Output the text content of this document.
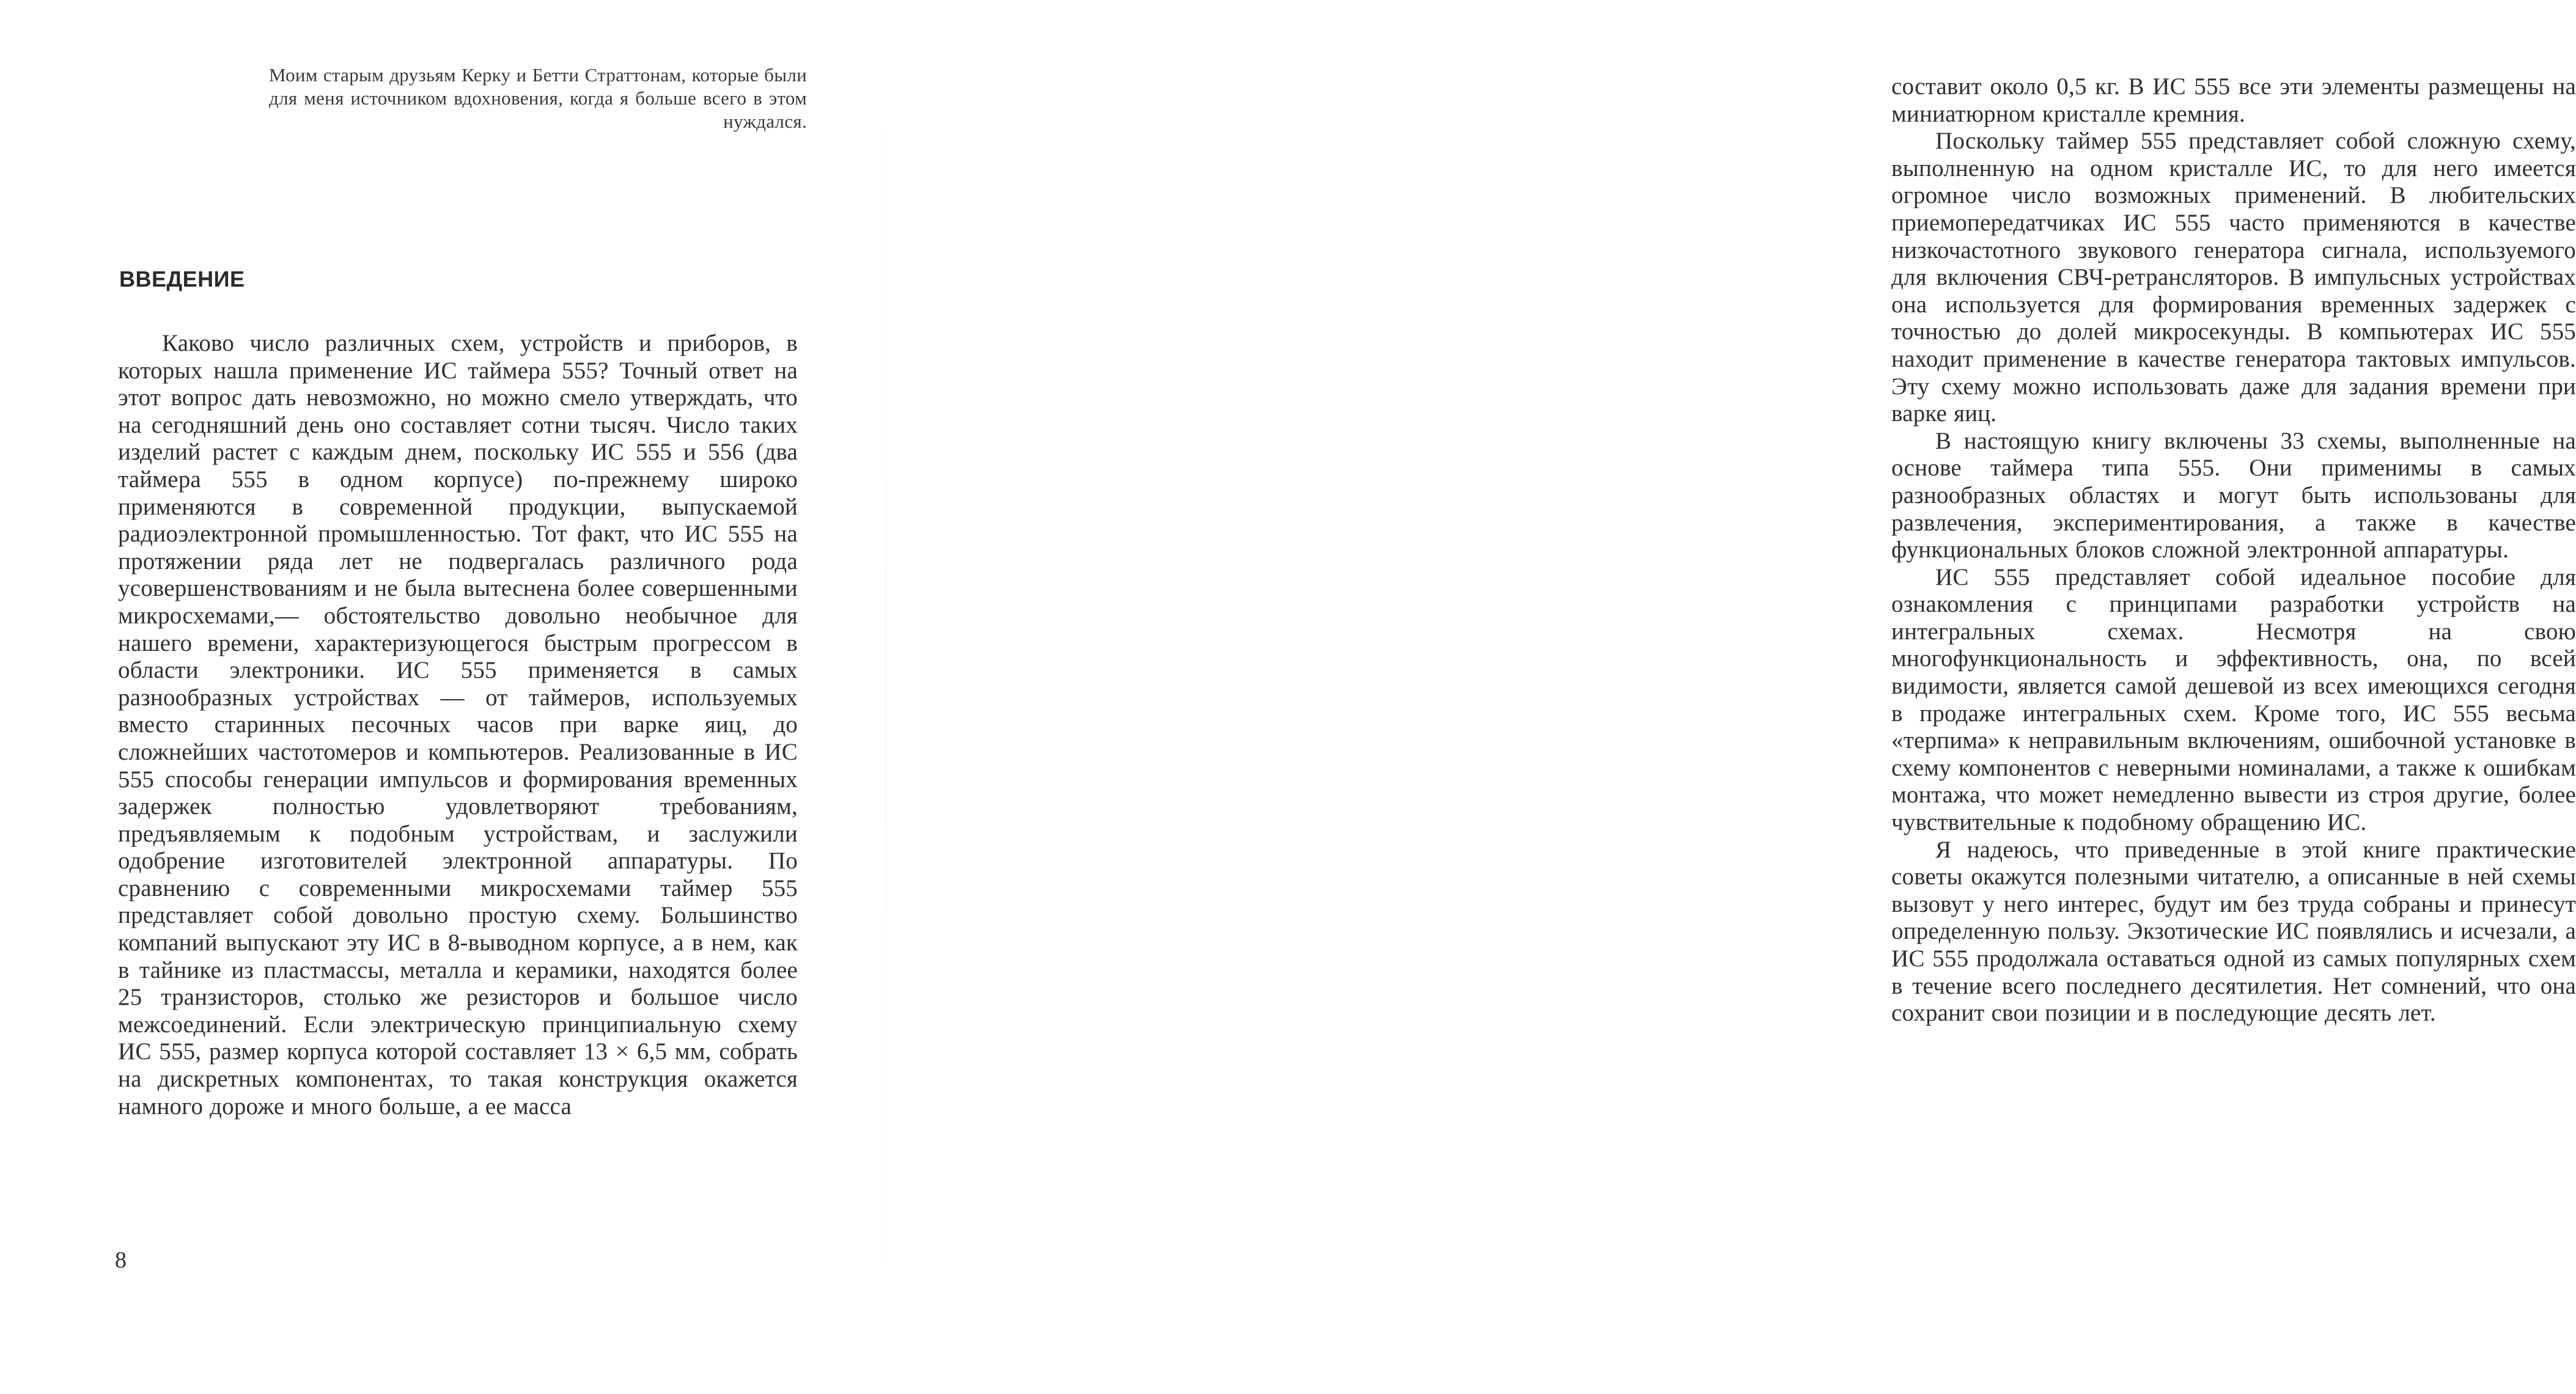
Моим старым друзьям Керку и Бетти Страттонам, которые были для меня источником вдохновения, когда я больше всего в этом нуждался.
ВВЕДЕНИЕ

Каково число различных схем, устройств и приборов, в которых нашла применение ИС таймера 555? Точный ответ на этот вопрос дать невозможно, но можно смело утверждать, что на сегодняшний день оно составляет сотни тысяч. Число таких изделий растет с каждым днем, поскольку ИС 555 и 556 (два таймера 555 в одном корпусе) по-прежнему широко применяются в современной продукции, выпускаемой радиоэлектронной промышленностью. Тот факт, что ИС 555 на протяжении ряда лет не подвергалась различного рода усовершенствованиям и не была вытеснена более совершенными микросхемами,— обстоятельство довольно необычное для нашего времени, характеризующегося быстрым прогрессом в области электроники. ИС 555 применяется в самых разнообразных устройствах — от таймеров, используемых вместо старинных песочных часов при варке яиц, до сложнейших частотомеров и компьютеров. Реализованные в ИС 555 способы генерации импульсов и формирования временных задержек полностью удовлетворяют требованиям, предъявляемым к подобным устройствам, и заслужили одобрение изготовителей электронной аппаратуры. По сравнению с современными микросхемами таймер 555 представляет собой довольно простую схему. Большинство компаний выпускают эту ИС в 8-выводном корпусе, а в нем, как в тайнике из пластмассы, металла и керамики, находятся более 25 транзисторов, столько же резисторов и большое число межсоединений. Если электрическую принципиальную схему ИС 555, размер корпуса которой составляет 13 × 6,5 мм, собрать на дискретных компонентах, то такая конструкция окажется намного дороже и много больше, а ее масса

8

составит около 0,5 кг. В ИС 555 все эти элементы размещены на миниатюрном кристалле кремния.

Поскольку таймер 555 представляет собой сложную схему, выполненную на одном кристалле ИС, то для него имеется огромное число возможных применений. В любительских приемопередатчиках ИС 555 часто применяются в качестве низкочастотного звукового генератора сигнала, используемого для включения СВЧ-ретрансляторов. В импульсных устройствах она используется для формирования временных задержек с точностью до долей микросекунды. В компьютерах ИС 555 находит применение в качестве генератора тактовых импульсов. Эту схему можно использовать даже для задания времени при варке яиц.

В настоящую книгу включены 33 схемы, выполненные на основе таймера типа 555. Они применимы в самых разнообразных областях и могут быть использованы для развлечения, экспериментирования, а также в качестве функциональных блоков сложной электронной аппаратуры.

ИС 555 представляет собой идеальное пособие для ознакомления с принципами разработки устройств на интегральных схемах. Несмотря на свою многофункциональность и эффективность, она, по всей видимости, является самой дешевой из всех имеющихся сегодня в продаже интегральных схем. Кроме того, ИС 555 весьма «терпима» к неправильным включениям, ошибочной установке в схему компонентов с неверными номиналами, а также к ошибкам монтажа, что может немедленно вывести из строя другие, более чувствительные к подобному обращению ИС.

Я надеюсь, что приведенные в этой книге практические советы окажутся полезными читателю, а описанные в ней схемы вызовут у него интерес, будут им без труда собраны и принесут определенную пользу. Экзотические ИС появлялись и исчезали, а ИС 555 продолжала оставаться одной из самых популярных схем в течение всего последнего десятилетия. Нет сомнений, что она сохранит свои позиции и в последующие десять лет.
